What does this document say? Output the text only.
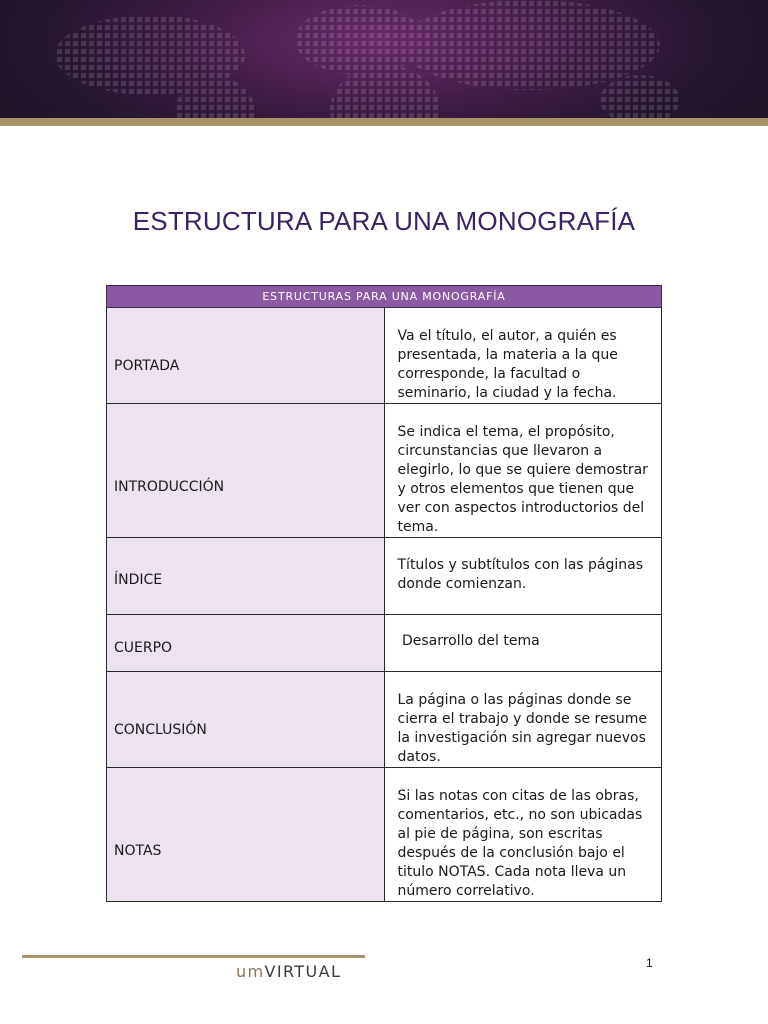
ESTRUCTURA PARA UNA MONOGRAFÍA
ESTRUCTURAS PARA UNA MONOGRAFÍA	

PORTADA	Va el título, el autor, a quién es presentada, la materia a la que corresponde, la facultad o seminario, la ciudad y la fecha.

INTRODUCCIÓN	Se indica el tema, el propósito, circunstancias que llevaron a elegirlo, lo que se quiere demostrar y otros elementos que tienen que ver con aspectos introductorios del tema.

ÍNDICE	Títulos y subtítulos con las páginas donde comienzan.

CUERPO	Desarrollo del tema

CONCLUSIÓN	La página o las páginas donde se cierra el trabajo y donde se resume la investigación sin agregar nuevos datos.

NOTAS	Si las notas con citas de las obras, comentarios, etc., no son ubicadas al pie de página, son escritas después de la conclusión bajo el titulo NOTAS. Cada nota lleva un número correlativo.
umVIRTUAL	1
